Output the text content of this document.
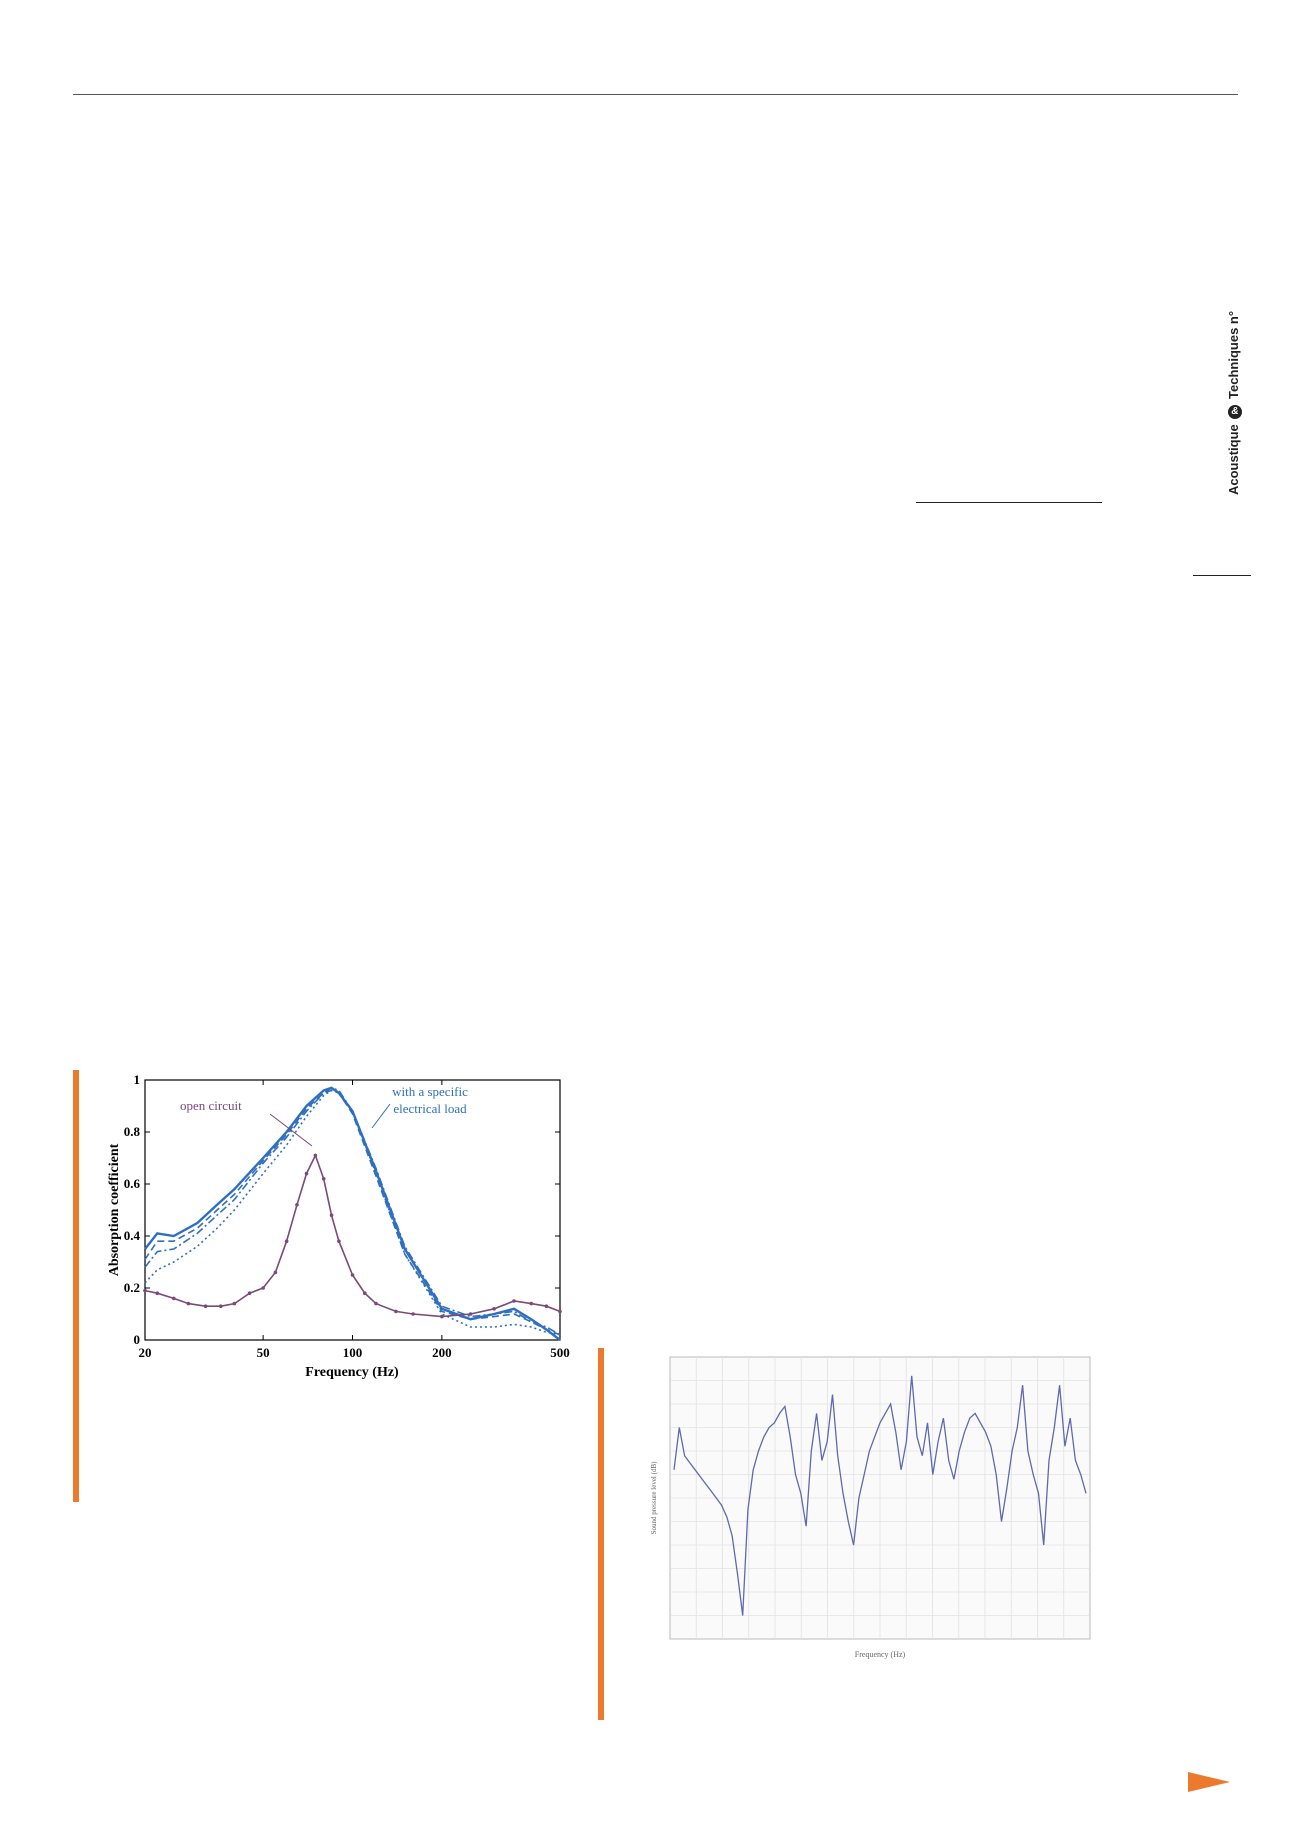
Acoustique & Techniques n°
20	50	100	200	500
0
0.2
0.4
0.6
0.8
1
Frequency (Hz)
Absorption coefficient
open circuit
with a specific
electrical load
Frequency (Hz)
Sound pressure level (dB)
